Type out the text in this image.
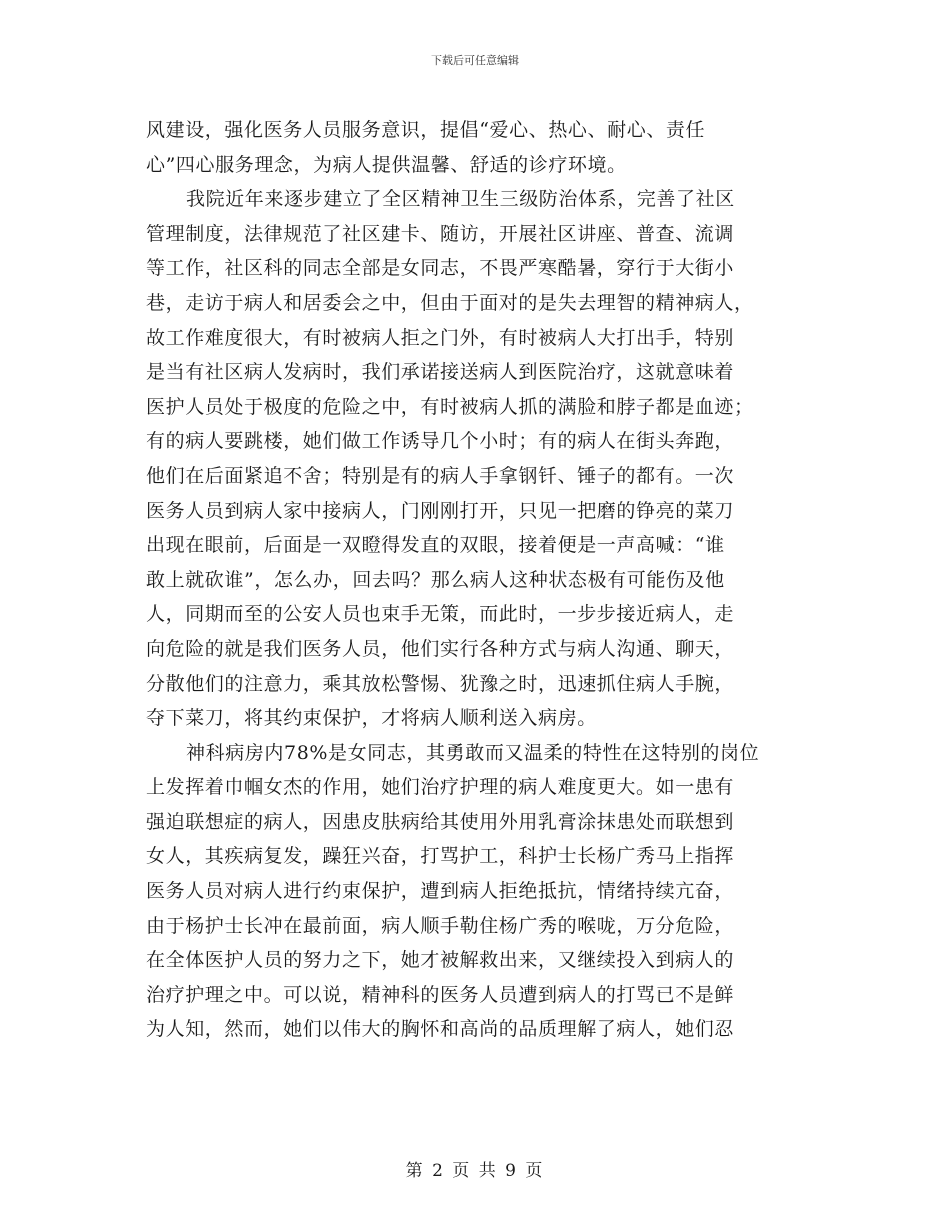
下载后可任意编辑
风建设，强化医务人员服务意识，提倡“爱心、热心、耐心、责任
心”四心服务理念，为病人提供温馨、舒适的诊疗环境。
我院近年来逐步建立了全区精神卫生三级防治体系，完善了社区
管理制度，法律规范了社区建卡、随访，开展社区讲座、普查、流调
等工作，社区科的同志全部是女同志，不畏严寒酷暑，穿行于大街小
巷，走访于病人和居委会之中，但由于面对的是失去理智的精神病人，
故工作难度很大，有时被病人拒之门外，有时被病人大打出手，特别
是当有社区病人发病时，我们承诺接送病人到医院治疗，这就意味着
医护人员处于极度的危险之中，有时被病人抓的满脸和脖子都是血迹；
有的病人要跳楼，她们做工作诱导几个小时；有的病人在街头奔跑，
他们在后面紧追不舍；特别是有的病人手拿钢钎、锤子的都有。一次
医务人员到病人家中接病人，门刚刚打开，只见一把磨的铮亮的菜刀
出现在眼前，后面是一双瞪得发直的双眼，接着便是一声高喊：“谁
敢上就砍谁”，怎么办，回去吗？那么病人这种状态极有可能伤及他
人，同期而至的公安人员也束手无策，而此时，一步步接近病人，走
向危险的就是我们医务人员，他们实行各种方式与病人沟通、聊天，
分散他们的注意力，乘其放松警惕、犹豫之时，迅速抓住病人手腕，
夺下菜刀，将其约束保护，才将病人顺利送入病房。
神科病房内78%是女同志，其勇敢而又温柔的特性在这特别的岗位
上发挥着巾帼女杰的作用，她们治疗护理的病人难度更大。如一患有
强迫联想症的病人，因患皮肤病给其使用外用乳膏涂抹患处而联想到
女人，其疾病复发，躁狂兴奋，打骂护工，科护士长杨广秀马上指挥
医务人员对病人进行约束保护，遭到病人拒绝抵抗，情绪持续亢奋，
由于杨护士长冲在最前面，病人顺手勒住杨广秀的喉咙，万分危险，
在全体医护人员的努力之下，她才被解救出来，又继续投入到病人的
治疗护理之中。可以说，精神科的医务人员遭到病人的打骂已不是鲜
为人知，然而，她们以伟大的胸怀和高尚的品质理解了病人，她们忍
第 2 页 共 9 页
